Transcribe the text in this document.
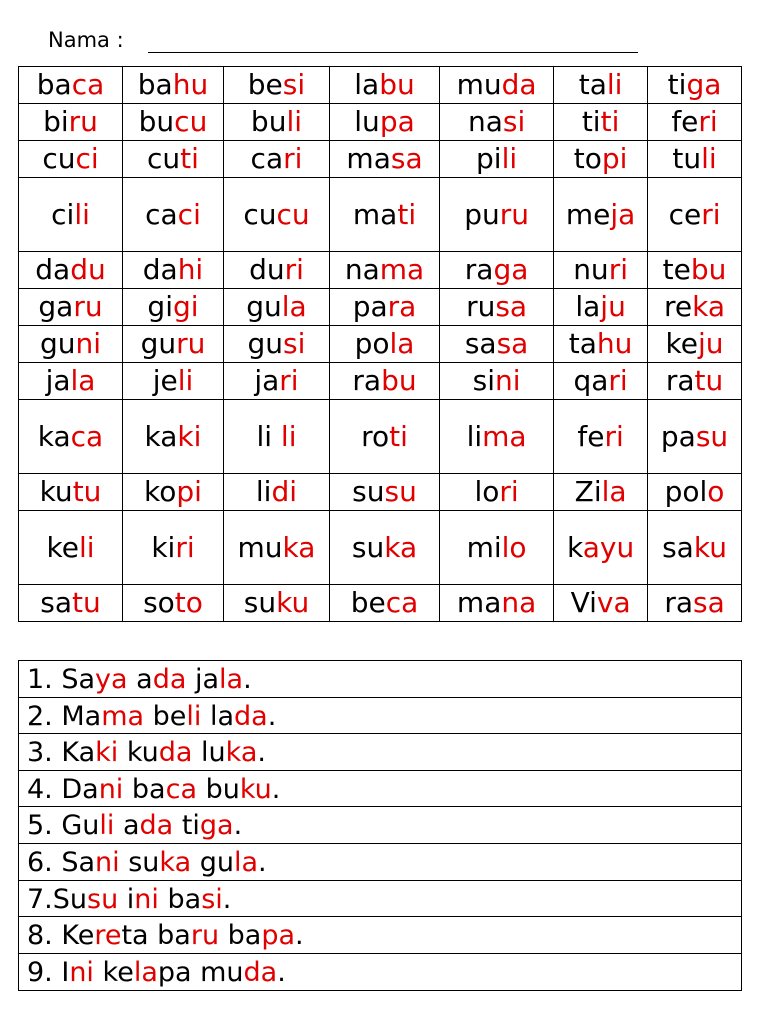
Nama :
baca	bahu	besi	labu	muda	tali	tiga
biru	bucu	buli	lupa	nasi	titi	feri
cuci	cuti	cari	masa	pili	topi	tuli
cili	caci	cucu	mati	puru	meja	ceri
dadu	dahi	duri	nama	raga	nuri	tebu
garu	gigi	gula	para	rusa	laju	reka
guni	guru	gusi	pola	sasa	tahu	keju
jala	jeli	jari	rabu	sini	qari	ratu
kaca	kaki	li li	roti	lima	feri	pasu
kutu	kopi	lidi	susu	lori	Zila	polo
keli	kiri	muka	suka	milo	kayu	saku
satu	soto	suku	beca	mana	Viva	rasa
1. Saya ada jala.
2. Mama beli lada.
3. Kaki kuda luka.
4. Dani baca buku.
5. Guli ada tiga.
6. Sani suka gula.
7.Susu ini basi.
8. Kereta baru bapa.
9. Ini kelapa muda.
